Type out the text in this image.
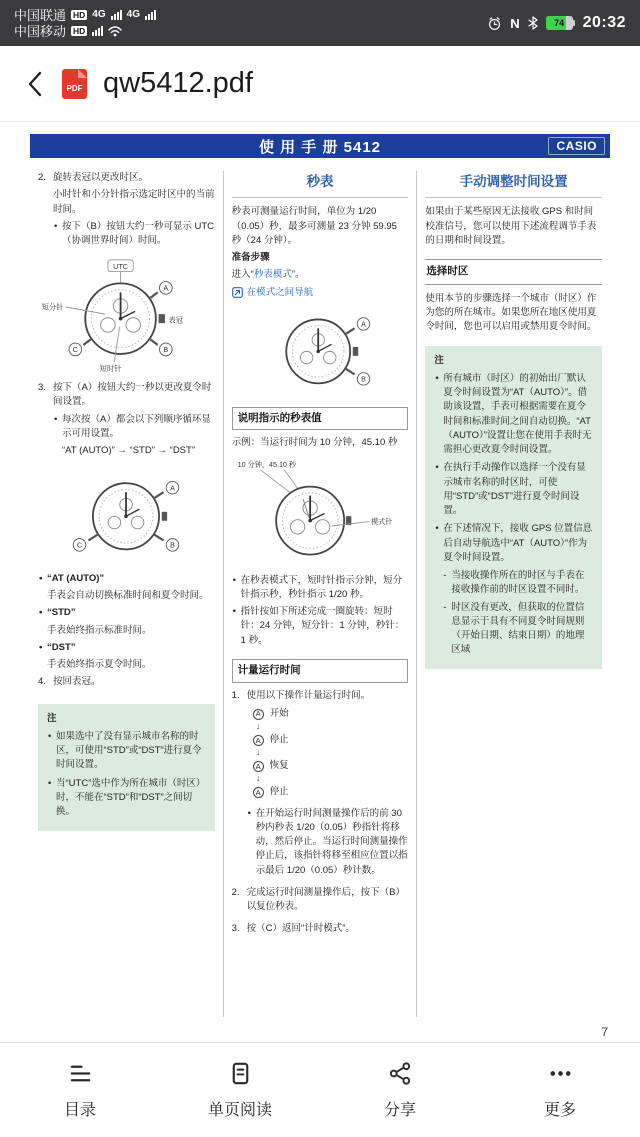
中国联通 HD 4G 4G
中国移动 HD
N	74 20:32
PDF qw5412.pdf
使 用 手 册 5412	CASIO
2. 旋转表冠以更改时区。

小时针和小分针指示选定时区中的当前时间。

• 按下（B）按钮大约一秒可显示 UTC（协调世界时间）时间。

UTC
表冠
A
B
C
短分针
短时针
3. 按下（A）按钮大约一秒以更改夏令时间设置。

• 每次按（A）都会以下列顺序循环显示可用设置。

“AT (AUTO)” → “STD” → “DST”

A
B
C

• “AT (AUTO)”

手表会自动切换标准时间和夏令时间。

• “STD”

手表始终指示标准时间。

• “DST”

手表始终指示夏令时间。

4. 按回表冠。

注

• 如果选中了没有显示城市名称的时区，可使用“STD”或“DST”进行夏令时间设置。

• 当“UTC”选中作为所在城市（时区）时，不能在“STD”和“DST”之间切换。

秒表

秒表可测量运行时间，单位为 1/20（0.05）秒，最多可测量 23 分钟 59.95 秒（24 分钟）。

准备步骤

进入“秒表模式”。

在模式之间导航

A
B
说明指示的秒表值

示例：当运行时间为 10 分钟，45.10 秒

10 分钟，45.10 秒
模式针

• 在秒表模式下，短时针指示分钟，短分针指示秒，秒针指示 1/20 秒。

• 指针按如下所述完成一圈旋转：短时针：24 分钟，短分针：1 分钟，秒针：1 秒。

计量运行时间
1. 使用以下操作计量运行时间。

A 开始
↓
A 停止
↓
A 恢复
↓
A 停止

• 在开始运行时间测量操作后的前 30 秒内秒表 1/20（0.05）秒指针将移动，然后停止。当运行时间测量操作停止后，该指针将移至相应位置以指示最后 1/20（0.05）秒计数。

2. 完成运行时间测量操作后，按下（B）以复位秒表。

3. 按（C）返回“计时模式”。

手动调整时间设置

如果由于某些原因无法接收 GPS 和时间校准信号，您可以使用下述流程调节手表的日期和时间设置。

选择时区

使用本节的步骤选择一个城市（时区）作为您的所在城市。如果您所在地区使用夏令时间，您也可以启用或禁用夏令时间。

注

• 所有城市（时区）的初始出厂默认夏令时间设置为“AT（AUTO）”。借助该设置，手表可根据需要在夏令时间和标准时间之间自动切换。“AT（AUTO）”设置让您在使用手表时无需担心更改夏令时间设置。

• 在执行手动操作以选择一个没有显示城市名称的时区时，可使用“STD”或“DST”进行夏令时间设置。

• 在下述情况下，接收 GPS 位置信息后自动导航选中“AT（AUTO）”作为夏令时间设置。

- 当接收操作所在的时区与手表在接收操作前的时区设置不同时。

- 时区没有更改，但获取的位置信息显示于具有不同夏令时间规则（开始日期、结束日期）的地理区域

7
目录	单页阅读	分享	更多
